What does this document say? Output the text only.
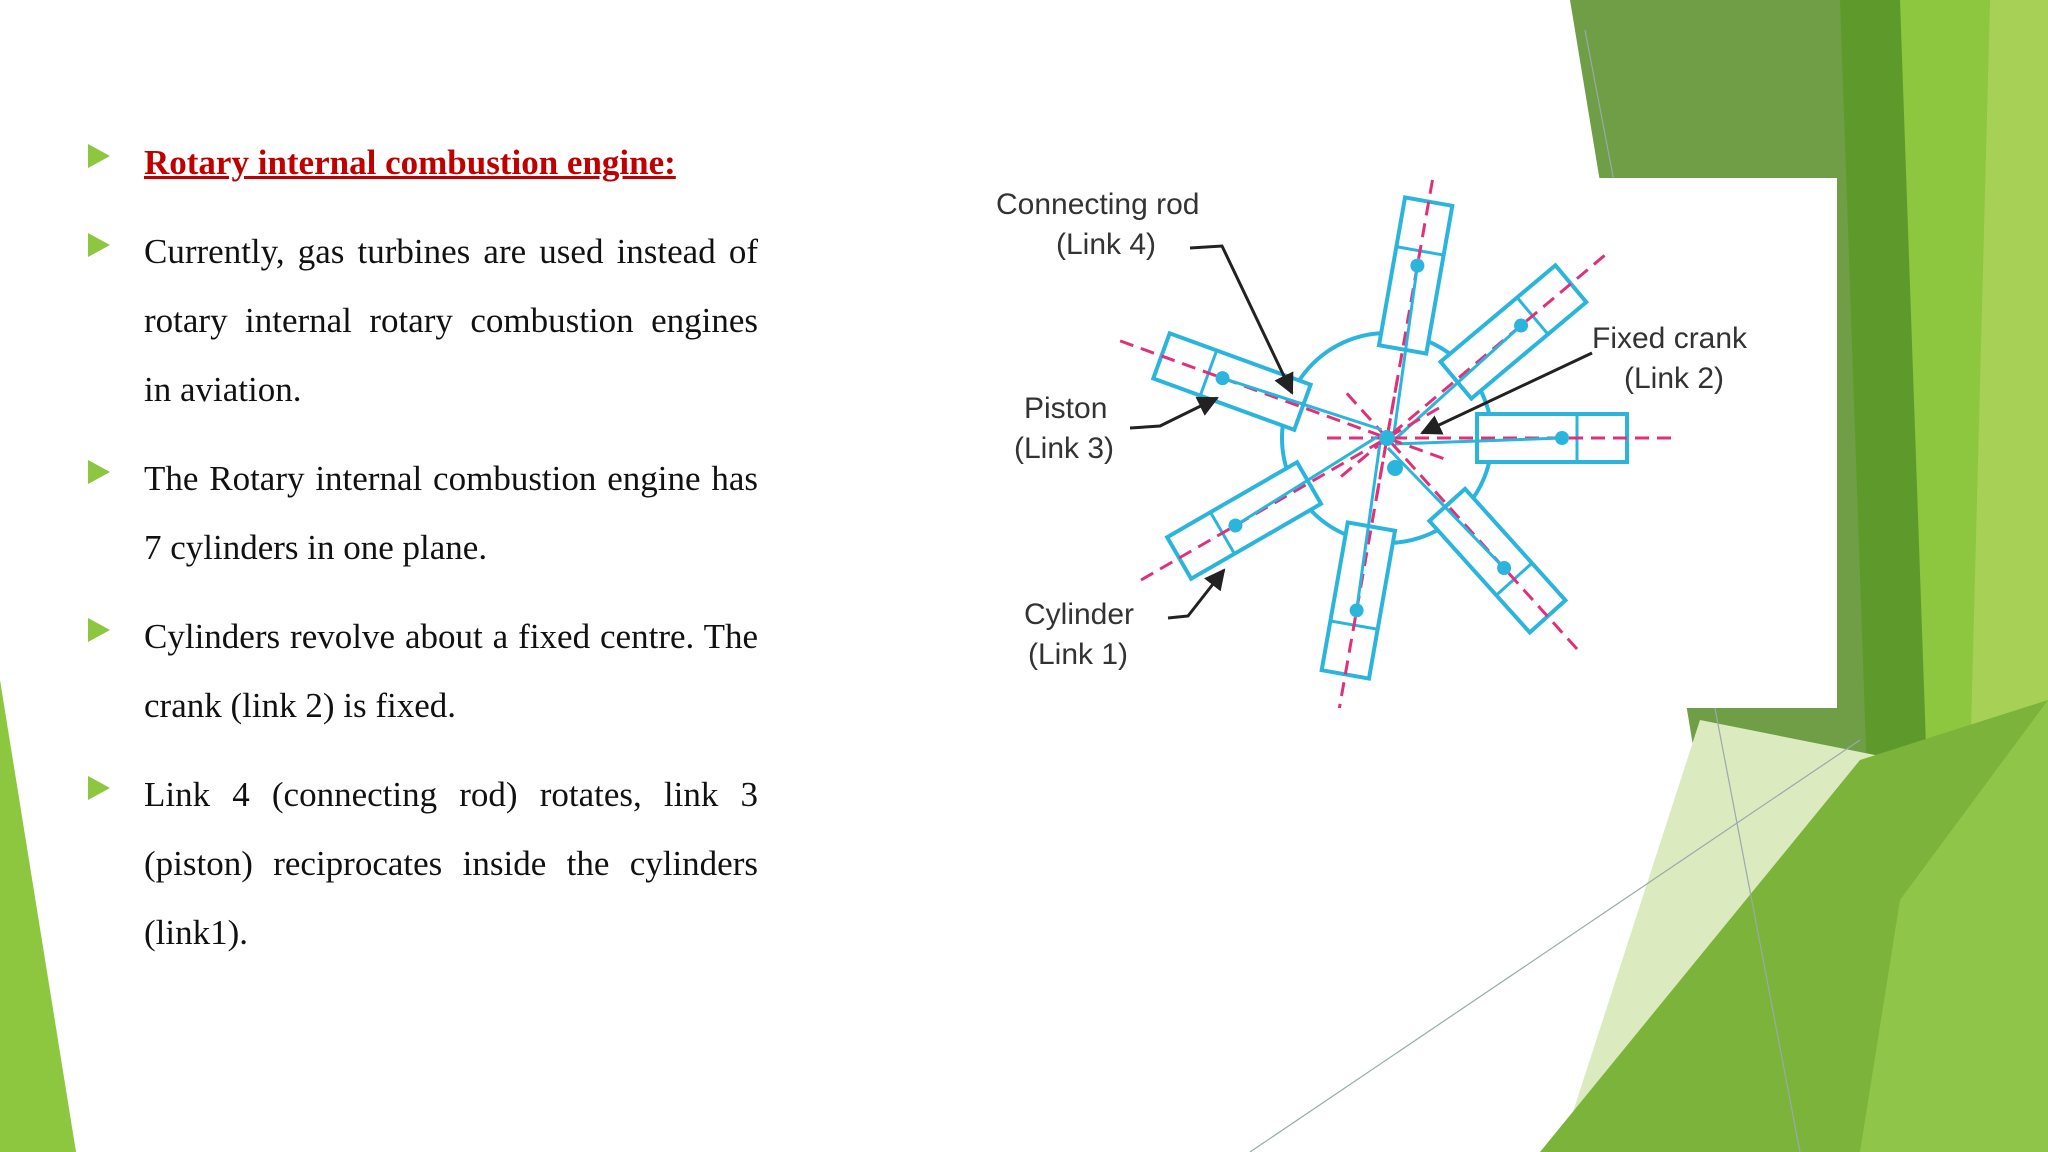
Rotary internal combustion engine:
Currently, gas turbines are used instead of rotary internal rotary combustion engines in aviation.
The Rotary internal combustion engine has 7 cylinders in one plane.
Cylinders revolve about a fixed centre. The crank (link 2) is fixed.
Link 4 (connecting rod) rotates, link 3 (piston) reciprocates inside the cylinders (link1).
Connecting rod
(Link 4)
Fixed crank
(Link 2)
Piston
(Link 3)
Cylinder
(Link 1)
